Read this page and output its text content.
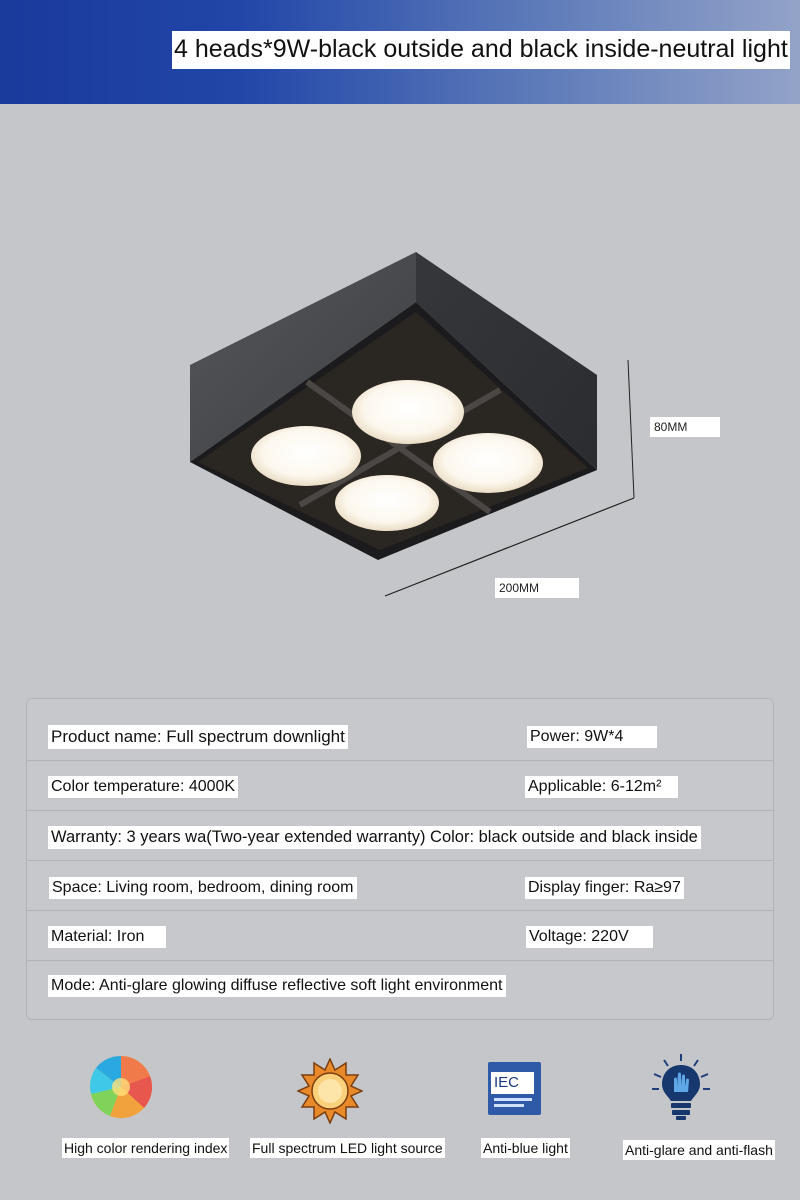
4 heads*9W-black outside and black inside-neutral light
80MM
200MM
Product name: Full spectrum downlight	Power: 9W*4
Color temperature: 4000K	Applicable: 6-12m²
Warranty: 3 years wa(Two-year extended warranty) Color: black outside and black inside
Space: Living room, bedroom, dining room	Display finger: Ra≥97
Material: Iron	Voltage: 220V
Mode: Anti-glare glowing diffuse reflective soft light environment
High color rendering index Full spectrum LED light source
IEC
Anti-blue light	Anti-glare and anti-flash
